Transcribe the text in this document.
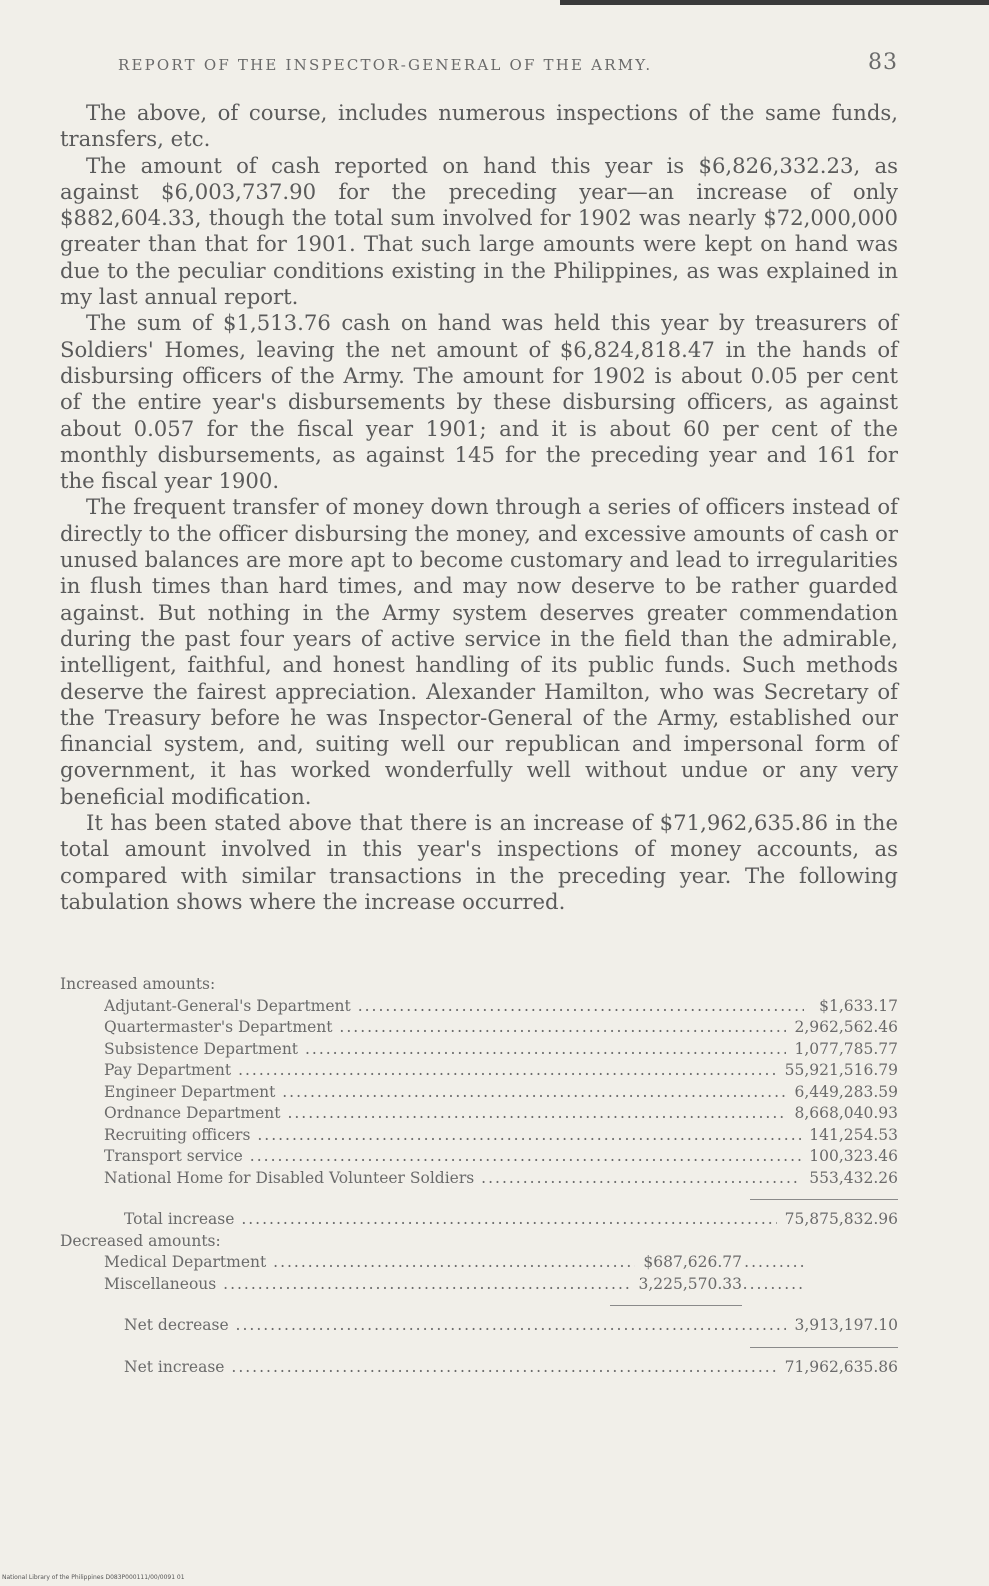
REPORT OF THE INSPECTOR-GENERAL OF THE ARMY.	83

The above, of course, includes numerous inspections of the same funds, transfers, etc.

The amount of cash reported on hand this year is $6,826,332.23, as against $6,003,737.90 for the preceding year—an increase of only $882,604.33, though the total sum involved for 1902 was nearly $72,000,000 greater than that for 1901. That such large amounts were kept on hand was due to the peculiar conditions existing in the Philippines, as was explained in my last annual report.

The sum of $1,513.76 cash on hand was held this year by treasurers of Soldiers' Homes, leaving the net amount of $6,824,818.47 in the hands of disbursing officers of the Army. The amount for 1902 is about 0.05 per cent of the entire year's disbursements by these disbursing officers, as against about 0.057 for the fiscal year 1901; and it is about 60 per cent of the monthly disbursements, as against 145 for the preceding year and 161 for the fiscal year 1900.

The frequent transfer of money down through a series of officers instead of directly to the officer disbursing the money, and excessive amounts of cash or unused balances are more apt to become customary and lead to irregularities in flush times than hard times, and may now deserve to be rather guarded against. But nothing in the Army system deserves greater commendation during the past four years of active service in the field than the admirable, intelligent, faithful, and honest handling of its public funds. Such methods deserve the fairest appreciation. Alexander Hamilton, who was Secretary of the Treasury before he was Inspector-General of the Army, established our financial system, and, suiting well our republican and impersonal form of government, it has worked wonderfully well without undue or any very beneficial modification.

It has been stated above that there is an increase of $71,962,635.86 in the total amount involved in this year's inspections of money accounts, as compared with similar transactions in the preceding year. The following tabulation shows where the increase occurred.

Increased amounts:
Adjutant-General's Department .....	$1,633.17
Quartermaster's Department .....	2,962,562.46
Subsistence Department .....	1,077,785.77
Pay Department .....	55,921,516.79
Engineer Department .....	6,449,283.59
Ordnance Department .....	8,668,040.93
Recruiting officers .....	141,254.53
Transport service .....	100,323.46
National Home for Disabled Volunteer Soldiers .....	553,432.26
Total increase .....	75,875,832.96
Decreased amounts:
Medical Department .....	$687,626.77
Miscellaneous .....	3,225,570.33
Net decrease .....	3,913,197.10
Net increase .....	71,962,635.86
National Library of the Philippines D083P000111/00/0091 01
